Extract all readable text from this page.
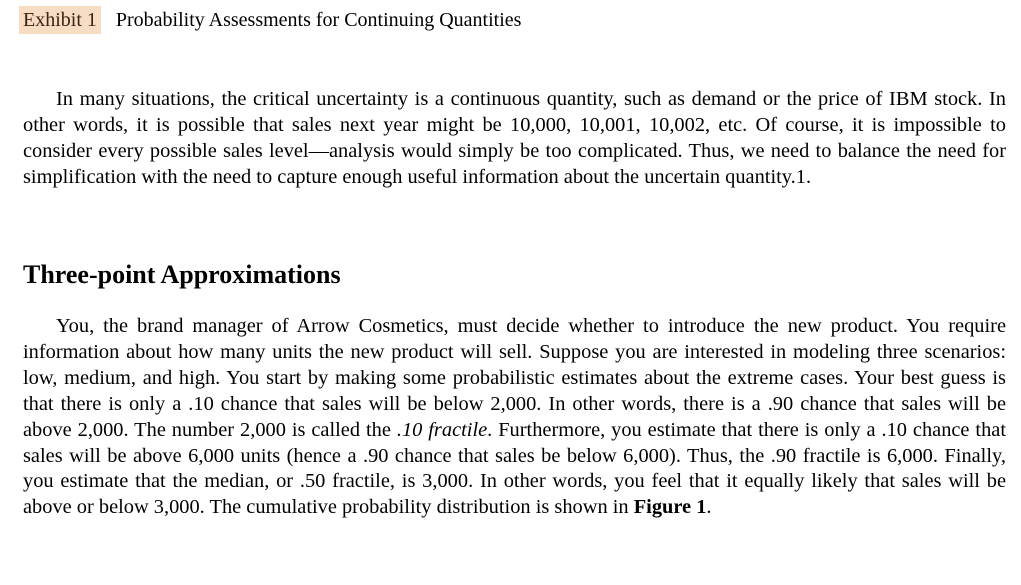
Exhibit 1 Probability Assessments for Continuing Quantities

In many situations, the critical uncertainty is a continuous quantity, such as demand or the price of IBM stock. In other words, it is possible that sales next year might be 10,000, 10,001, 10,002, etc. Of course, it is impossible to consider every possible sales level—analysis would simply be too complicated. Thus, we need to balance the need for simplification with the need to capture enough useful information about the uncertain quantity.1.

Three-point Approximations

You, the brand manager of Arrow Cosmetics, must decide whether to introduce the new product. You require information about how many units the new product will sell. Suppose you are interested in modeling three scenarios: low, medium, and high. You start by making some probabilistic estimates about the extreme cases. Your best guess is that there is only a .10 chance that sales will be below 2,000. In other words, there is a .90 chance that sales will be above 2,000. The number 2,000 is called the .10 fractile. Furthermore, you estimate that there is only a .10 chance that sales will be above 6,000 units (hence a .90 chance that sales be below 6,000). Thus, the .90 fractile is 6,000. Finally, you estimate that the median, or .50 fractile, is 3,000. In other words, you feel that it equally likely that sales will be above or below 3,000. The cumulative probability distribution is shown in Figure 1.
